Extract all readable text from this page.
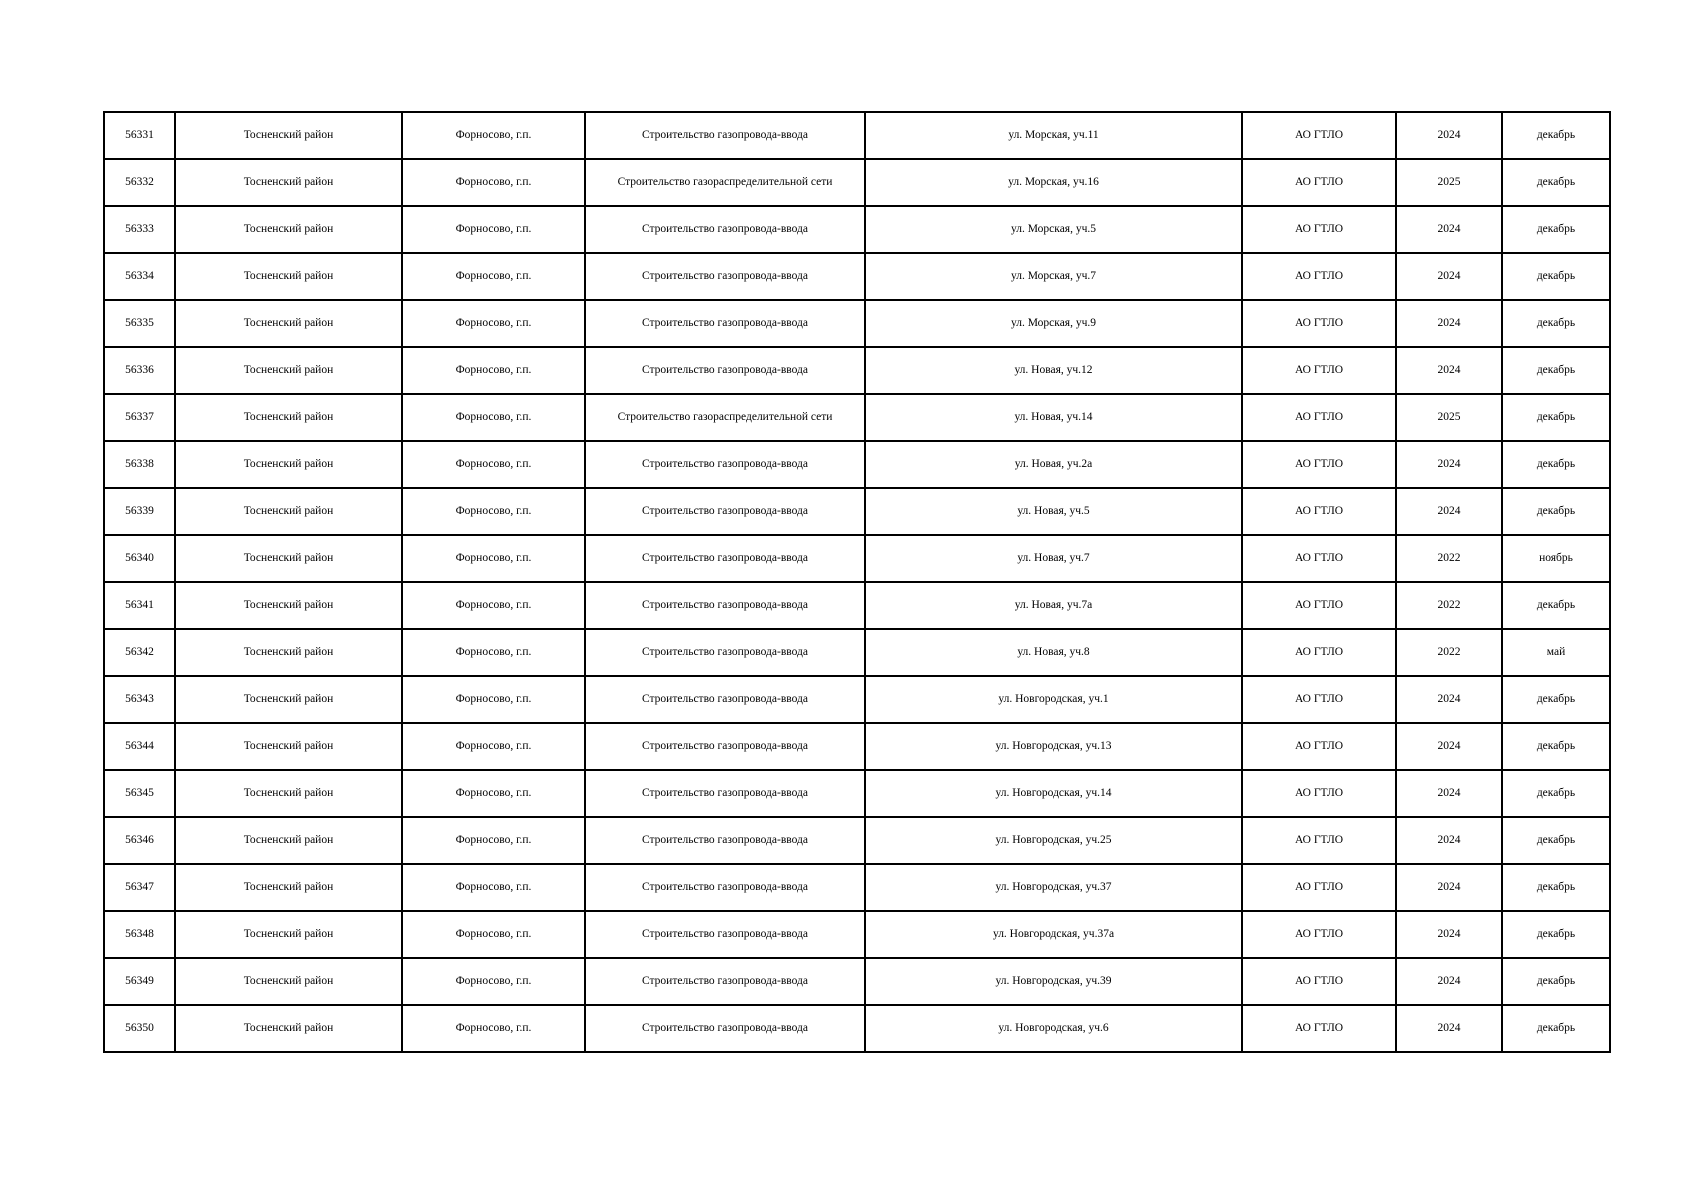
56331	Тосненский район	Форносово, г.п.	Строительство газопровода-ввода	ул. Морская, уч.11	АО ГТЛО	2024	декабрь
56332	Тосненский район	Форносово, г.п.	Строительство газораспределительной сети	ул. Морская, уч.16	АО ГТЛО	2025	декабрь
56333	Тосненский район	Форносово, г.п.	Строительство газопровода-ввода	ул. Морская, уч.5	АО ГТЛО	2024	декабрь
56334	Тосненский район	Форносово, г.п.	Строительство газопровода-ввода	ул. Морская, уч.7	АО ГТЛО	2024	декабрь
56335	Тосненский район	Форносово, г.п.	Строительство газопровода-ввода	ул. Морская, уч.9	АО ГТЛО	2024	декабрь
56336	Тосненский район	Форносово, г.п.	Строительство газопровода-ввода	ул. Новая, уч.12	АО ГТЛО	2024	декабрь
56337	Тосненский район	Форносово, г.п.	Строительство газораспределительной сети	ул. Новая, уч.14	АО ГТЛО	2025	декабрь
56338	Тосненский район	Форносово, г.п.	Строительство газопровода-ввода	ул. Новая, уч.2а	АО ГТЛО	2024	декабрь
56339	Тосненский район	Форносово, г.п.	Строительство газопровода-ввода	ул. Новая, уч.5	АО ГТЛО	2024	декабрь
56340	Тосненский район	Форносово, г.п.	Строительство газопровода-ввода	ул. Новая, уч.7	АО ГТЛО	2022	ноябрь
56341	Тосненский район	Форносово, г.п.	Строительство газопровода-ввода	ул. Новая, уч.7а	АО ГТЛО	2022	декабрь
56342	Тосненский район	Форносово, г.п.	Строительство газопровода-ввода	ул. Новая, уч.8	АО ГТЛО	2022	май
56343	Тосненский район	Форносово, г.п.	Строительство газопровода-ввода	ул. Новгородская, уч.1	АО ГТЛО	2024	декабрь
56344	Тосненский район	Форносово, г.п.	Строительство газопровода-ввода	ул. Новгородская, уч.13	АО ГТЛО	2024	декабрь
56345	Тосненский район	Форносово, г.п.	Строительство газопровода-ввода	ул. Новгородская, уч.14	АО ГТЛО	2024	декабрь
56346	Тосненский район	Форносово, г.п.	Строительство газопровода-ввода	ул. Новгородская, уч.25	АО ГТЛО	2024	декабрь
56347	Тосненский район	Форносово, г.п.	Строительство газопровода-ввода	ул. Новгородская, уч.37	АО ГТЛО	2024	декабрь
56348	Тосненский район	Форносово, г.п.	Строительство газопровода-ввода	ул. Новгородская, уч.37а	АО ГТЛО	2024	декабрь
56349	Тосненский район	Форносово, г.п.	Строительство газопровода-ввода	ул. Новгородская, уч.39	АО ГТЛО	2024	декабрь
56350	Тосненский район	Форносово, г.п.	Строительство газопровода-ввода	ул. Новгородская, уч.6	АО ГТЛО	2024	декабрь
